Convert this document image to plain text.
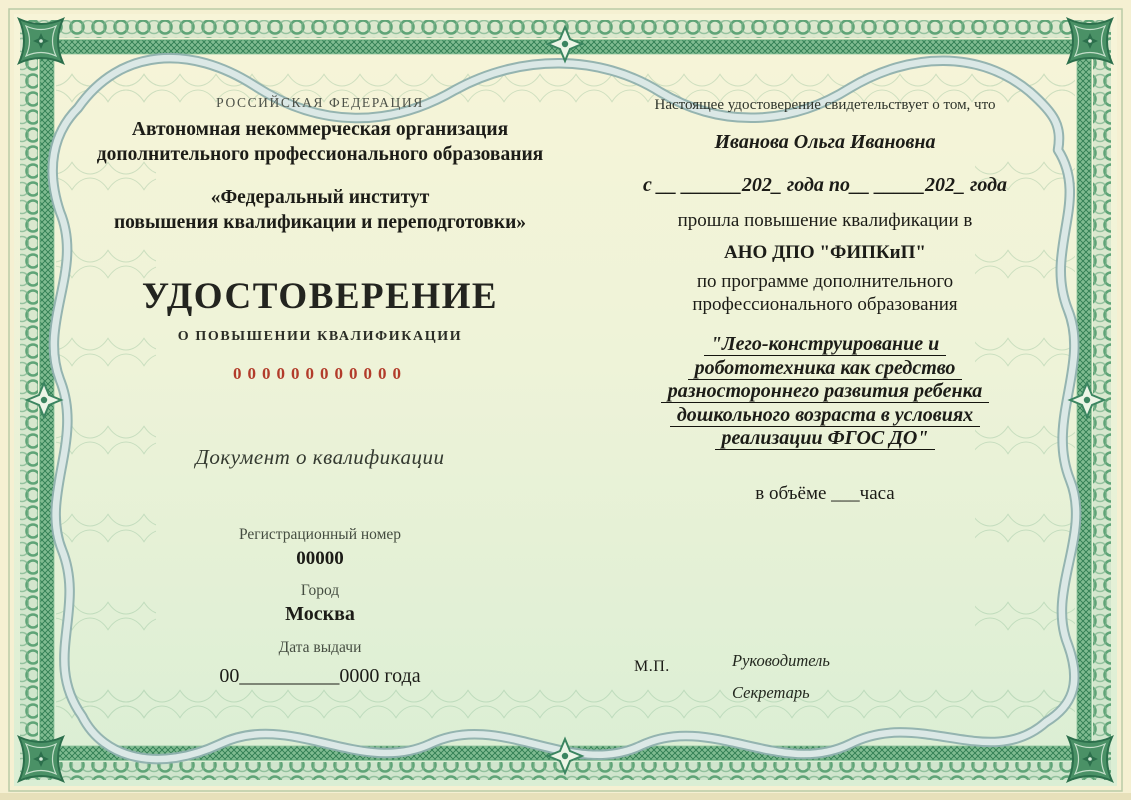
РОССИЙСКАЯ ФЕДЕРАЦИЯ
Автономная некоммерческая организация
дополнительного профессионального образования
«Федеральный институт
повышения квалификации и переподготовки»
УДОСТОВЕРЕНИЕ
О ПОВЫШЕНИИ КВАЛИФИКАЦИИ
000000000000
Документ о квалификации
Регистрационный номер
00000
Город
Москва
Дата выдачи
00__________0000 года
Настоящее удостоверение свидетельствует о том, что
Иванова Ольга Ивановна
с __ ______202_ года по__ _____202_ года
прошла повышение квалификации в
АНО ДПО "ФИПКиП"
по программе дополнительного
профессионального образования
"Лего-конструирование и
робототехника как средство
разностороннего развития ребенка
дошкольного возраста в условиях
реализации ФГОС ДО"
в объёме ___часа
М.П.	Руководитель
Секретарь
